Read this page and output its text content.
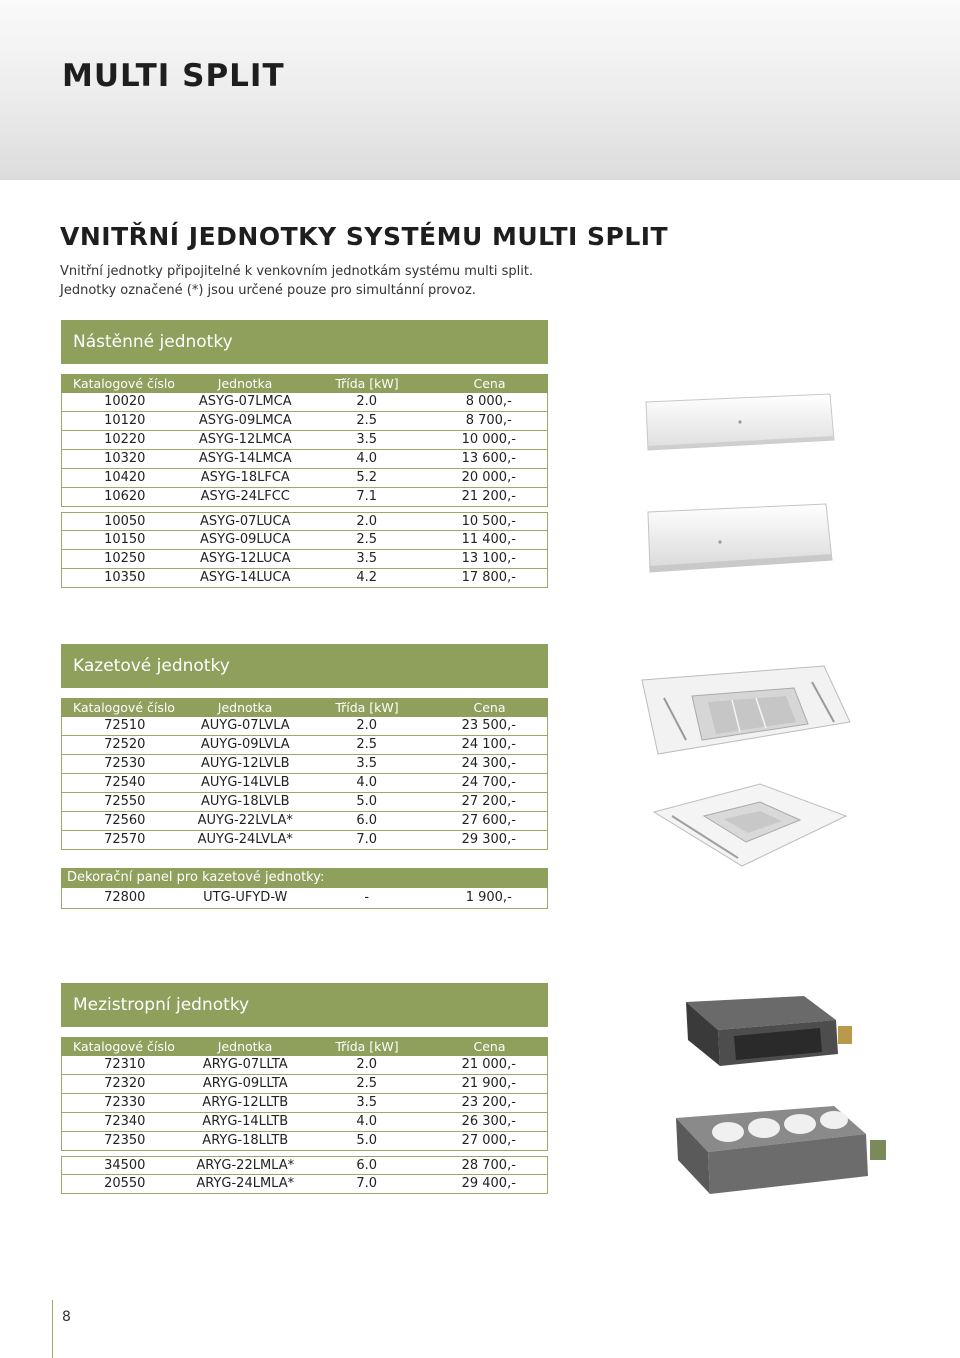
MULTI SPLIT
VNITŘNÍ JEDNOTKY SYSTÉMU MULTI SPLIT
Vnitřní jednotky připojitelné k venkovním jednotkám systému multi split.
Jednotky označené (*) jsou určené pouze pro simultánní provoz.
Nástěnné jednotky
Katalogové číslo	Jednotka	Třída [kW]	Cena
10020	ASYG-07LMCA	2.0	8 000,-
10120	ASYG-09LMCA	2.5	8 700,-
10220	ASYG-12LMCA	3.5	10 000,-
10320	ASYG-14LMCA	4.0	13 600,-
10420	ASYG-18LFCA	5.2	20 000,-
10620	ASYG-24LFCC	7.1	21 200,-
10050	ASYG-07LUCA	2.0	10 500,-
10150	ASYG-09LUCA	2.5	11 400,-
10250	ASYG-12LUCA	3.5	13 100,-
10350	ASYG-14LUCA	4.2	17 800,-
Kazetové jednotky
Katalogové číslo	Jednotka	Třída [kW]	Cena
72510	AUYG-07LVLA	2.0	23 500,-
72520	AUYG-09LVLA	2.5	24 100,-
72530	AUYG-12LVLB	3.5	24 300,-
72540	AUYG-14LVLB	4.0	24 700,-
72550	AUYG-18LVLB	5.0	27 200,-
72560	AUYG-22LVLA*	6.0	27 600,-
72570	AUYG-24LVLA*	7.0	29 300,-
Dekorační panel pro kazetové jednotky:
72800	UTG-UFYD-W	-	1 900,-
Mezistropní jednotky
Katalogové číslo	Jednotka	Třída [kW]	Cena
72310	ARYG-07LLTA	2.0	21 000,-
72320	ARYG-09LLTA	2.5	21 900,-
72330	ARYG-12LLTB	3.5	23 200,-
72340	ARYG-14LLTB	4.0	26 300,-
72350	ARYG-18LLTB	5.0	27 000,-
34500	ARYG-22LMLA*	6.0	28 700,-
20550	ARYG-24LMLA*	7.0	29 400,-
8
